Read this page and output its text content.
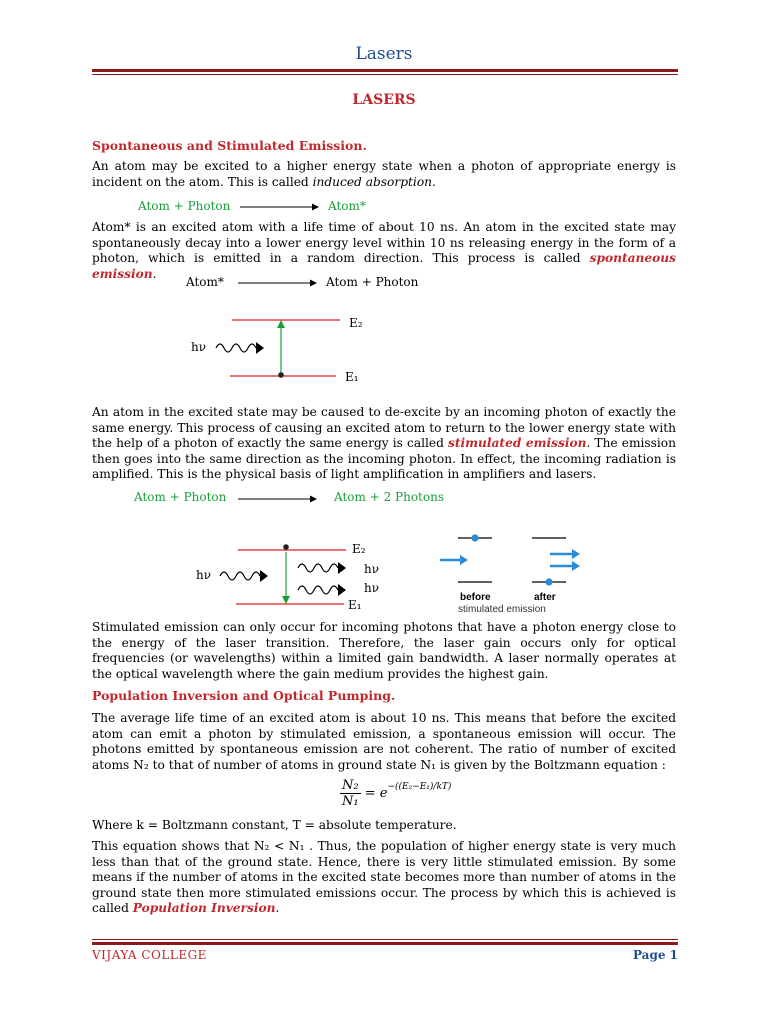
Lasers
LASERS
Spontaneous and Stimulated Emission.

An atom may be excited to a higher energy state when a photon of appropriate energy is incident on the atom. This is called induced absorption.

Atom + Photon	Atom*

Atom* is an excited atom with a life time of about 10 ns. An atom in the excited state may spontaneously decay into a lower energy level within 10 ns releasing energy in the form of a photon, which is emitted in a random direction. This process is called spontaneous emission.

Atom*	Atom + Photon
hν
E₂
E₁

An atom in the excited state may be caused to de-excite by an incoming photon of exactly the same energy. This process of causing an excited atom to return to the lower energy state with the help of a photon of exactly the same energy is called stimulated emission. The emission then goes into the same direction as the incoming photon. In effect, the incoming radiation is amplified. This is the physical basis of light amplification in amplifiers and lasers.

Atom + Photon	Atom + 2 Photons
hν	hν
hν
E₂
E₁
before	after
stimulated emission

Stimulated emission can only occur for incoming photons that have a photon energy close to the energy of the laser transition. Therefore, the laser gain occurs only for optical frequencies (or wavelengths) within a limited gain bandwidth. A laser normally operates at the optical wavelength where the gain medium provides the highest gain.

Population Inversion and Optical Pumping.

The average life time of an excited atom is about 10 ns. This means that before the excited atom can emit a photon by stimulated emission, a spontaneous emission will occur. The photons emitted by spontaneous emission are not coherent. The ratio of number of excited atoms N₂ to that of number of atoms in ground state N₁ is given by the Boltzmann equation :

$\frac{\text{N₂}}{\text{N₁}} = e^{-((E_2-E_1)/kT)}$

Where k = Boltzmann constant, T = absolute temperature.

This equation shows that N₂ < N₁ . Thus, the population of higher energy state is very much less than that of the ground state. Hence, there is very little stimulated emission. By some means if the number of atoms in the excited state becomes more than number of atoms in the ground state then more stimulated emissions occur. The process by which this is achieved is called Population Inversion.

VIJAYA COLLEGE	Page 1
